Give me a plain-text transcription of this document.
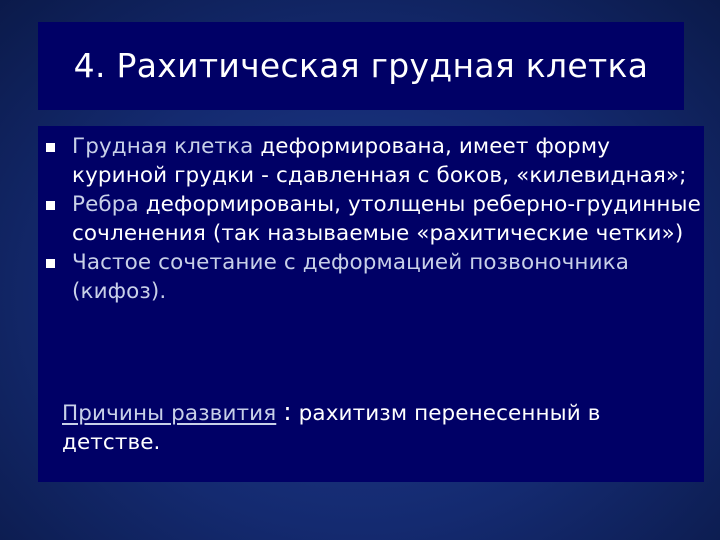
4. Рахитическая грудная клетка
Грудная клетка деформирована, имеет форму куриной грудки - сдавленная с боков, «килевидная»;
Ребра деформированы, утолщены реберно-грудинные сочленения (так называемые «рахитические четки»)
Частое сочетание с деформацией позвоночника (кифоз).
Причины развития : рахитизм перенесенный в детстве.
